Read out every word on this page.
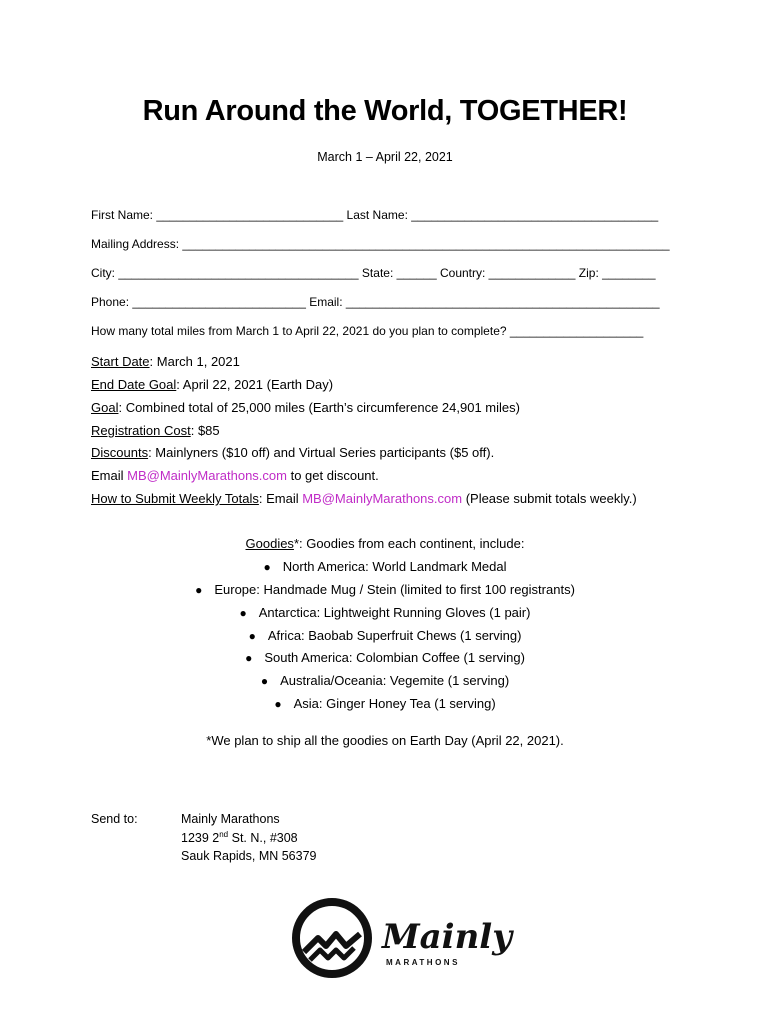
Run Around the World, TOGETHER!
March 1 – April 22, 2021
First Name: ____________________________ Last Name: _____________________________________
Mailing Address: _________________________________________________________________________
City: ____________________________________ State: ______ Country: _____________ Zip: ________
Phone: __________________________ Email: _______________________________________________
How many total miles from March 1 to April 22, 2021 do you plan to complete? ____________________
Start Date: March 1, 2021
End Date Goal: April 22, 2021 (Earth Day)
Goal: Combined total of 25,000 miles (Earth’s circumference 24,901 miles)
Registration Cost: $85
Discounts: Mainlyners ($10 off) and Virtual Series participants ($5 off).
Email MB@MainlyMarathons.com to get discount.
How to Submit Weekly Totals: Email MB@MainlyMarathons.com (Please submit totals weekly.)
Goodies*: Goodies from each continent, include:
● North America: World Landmark Medal
● Europe: Handmade Mug / Stein (limited to first 100 registrants)
● Antarctica: Lightweight Running Gloves (1 pair)
● Africa: Baobab Superfruit Chews (1 serving)
● South America: Colombian Coffee (1 serving)
● Australia/Oceania: Vegemite (1 serving)
● Asia: Ginger Honey Tea (1 serving)
*We plan to ship all the goodies on Earth Day (April 22, 2021).
Send to:	Mainly Marathons
1239 2nd St. N., #308
Sauk Rapids, MN 56379
Mainly
MARATHONS
